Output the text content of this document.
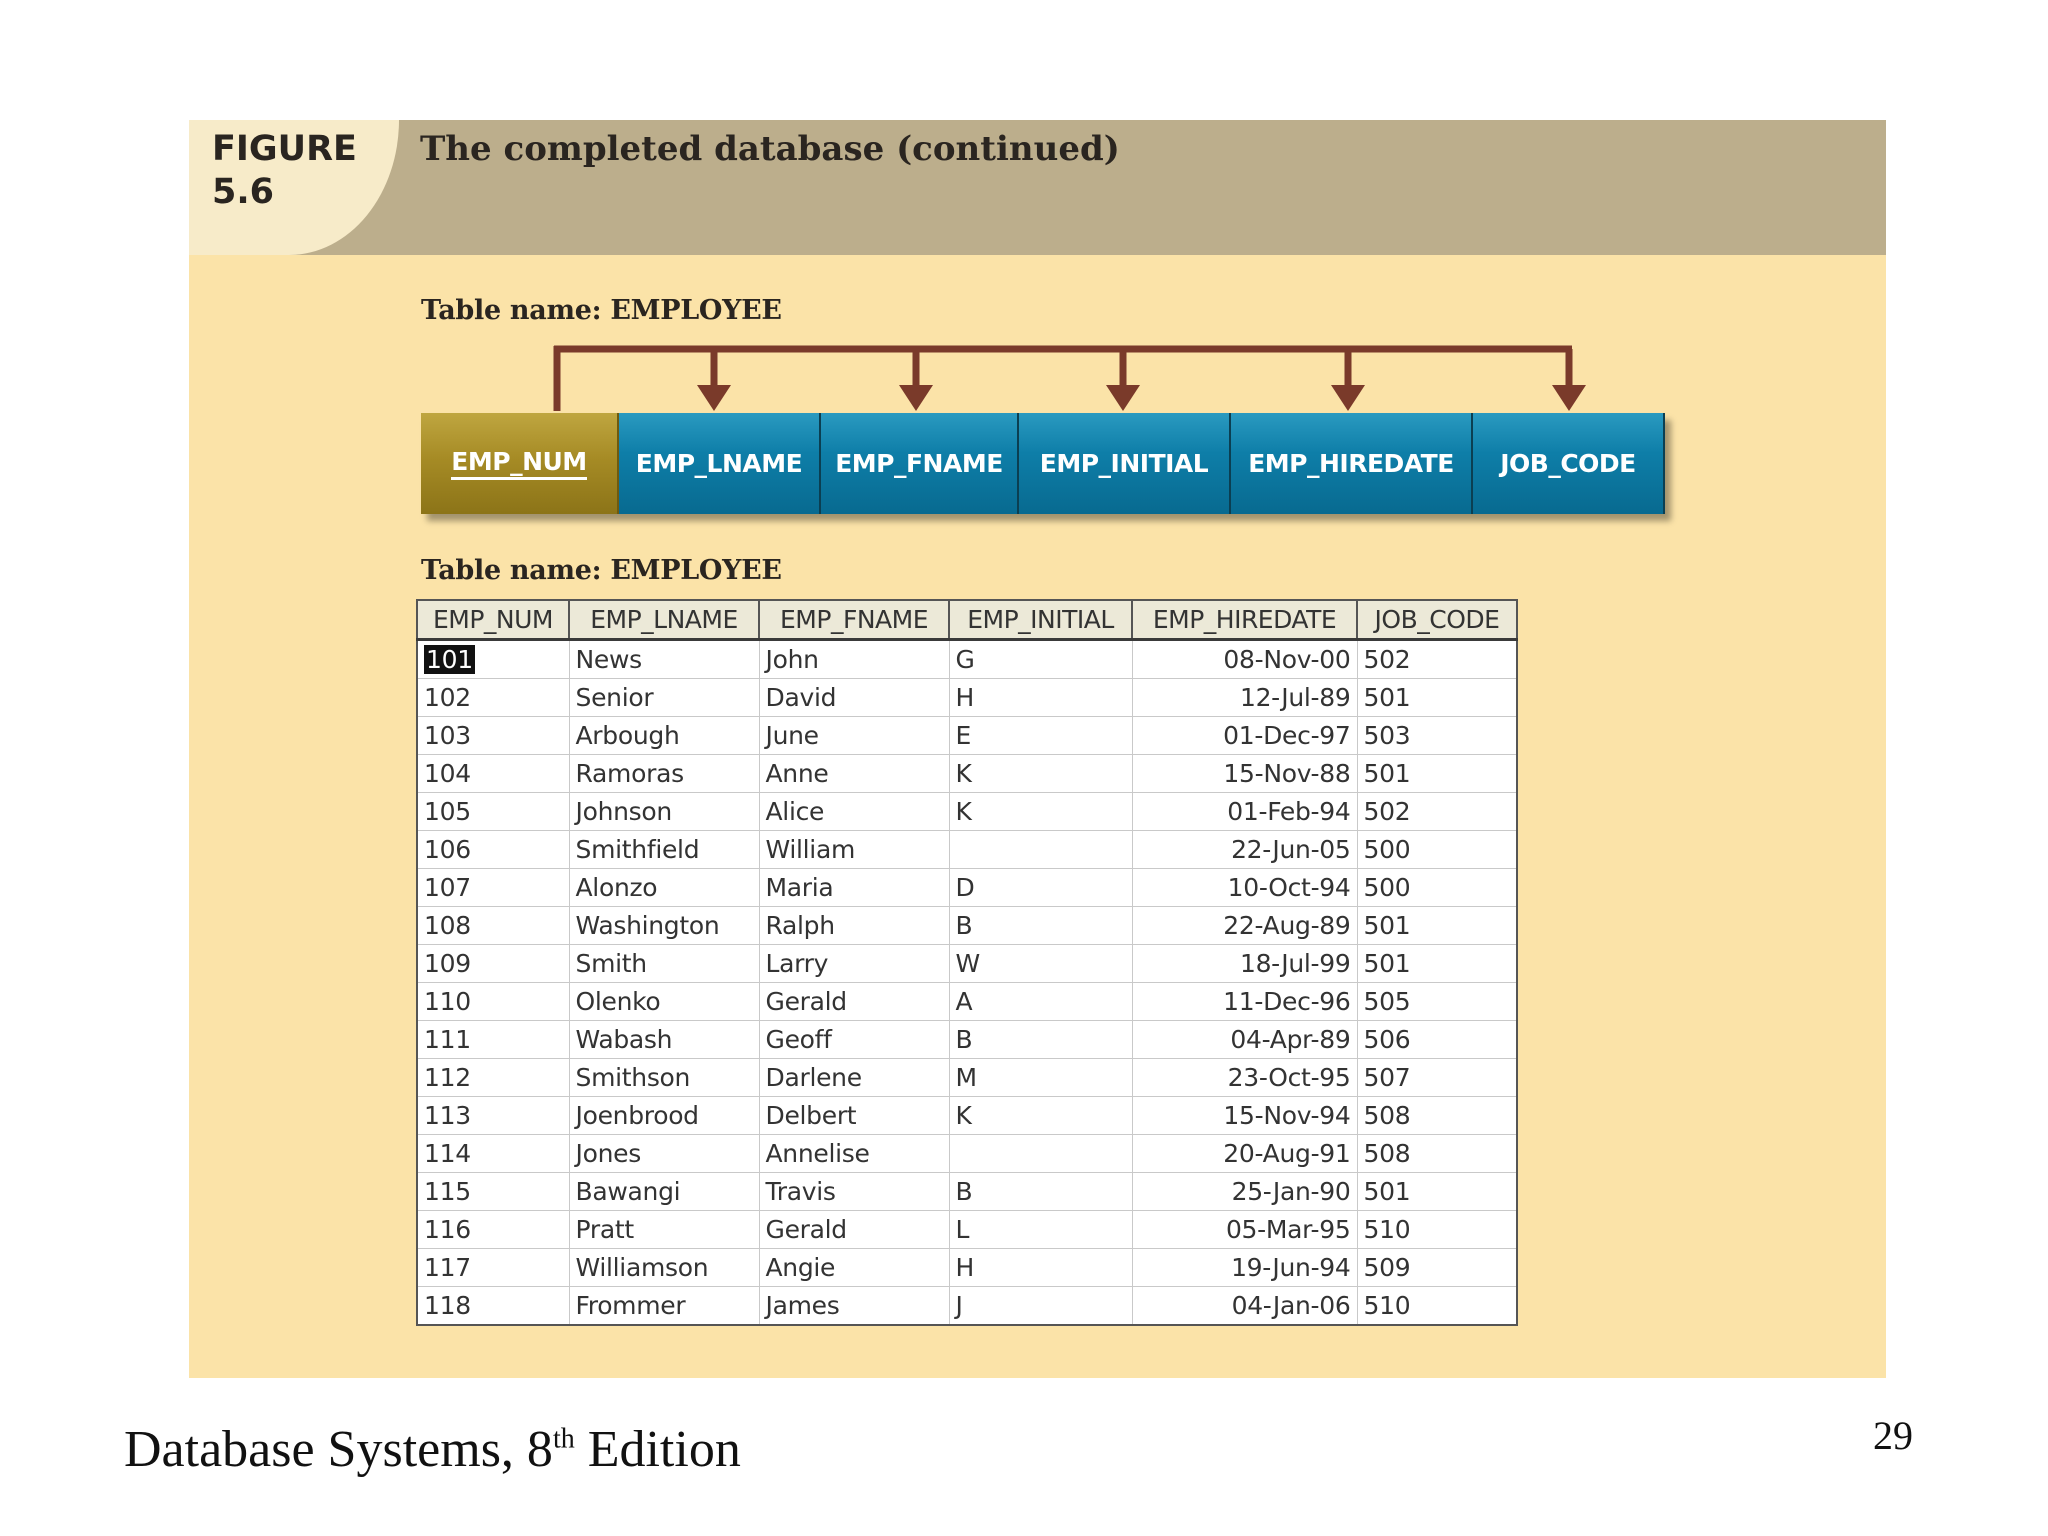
FIGURE
5.6
The completed database (continued)
Table name: EMPLOYEE
EMP_NUM EMP_LNAME EMP_FNAME EMP_INITIAL EMP_HIREDATE JOB_CODE
Table name: EMPLOYEE
EMP_NUM	EMP_LNAME	EMP_FNAME	EMP_INITIAL	EMP_HIREDATE	JOB_CODE
101	News	John	G	08-Nov-00	502
102	Senior	David	H	12-Jul-89	501
103	Arbough	June	E	01-Dec-97	503
104	Ramoras	Anne	K	15-Nov-88	501
105	Johnson	Alice	K	01-Feb-94	502
106	Smithfield	William		22-Jun-05	500
107	Alonzo	Maria	D	10-Oct-94	500
108	Washington	Ralph	B	22-Aug-89	501
109	Smith	Larry	W	18-Jul-99	501
110	Olenko	Gerald	A	11-Dec-96	505
111	Wabash	Geoff	B	04-Apr-89	506
112	Smithson	Darlene	M	23-Oct-95	507
113	Joenbrood	Delbert	K	15-Nov-94	508
114	Jones	Annelise		20-Aug-91	508
115	Bawangi	Travis	B	25-Jan-90	501
116	Pratt	Gerald	L	05-Mar-95	510
117	Williamson	Angie	H	19-Jun-94	509
118	Frommer	James	J	04-Jan-06	510
Database Systems, 8th Edition	29
